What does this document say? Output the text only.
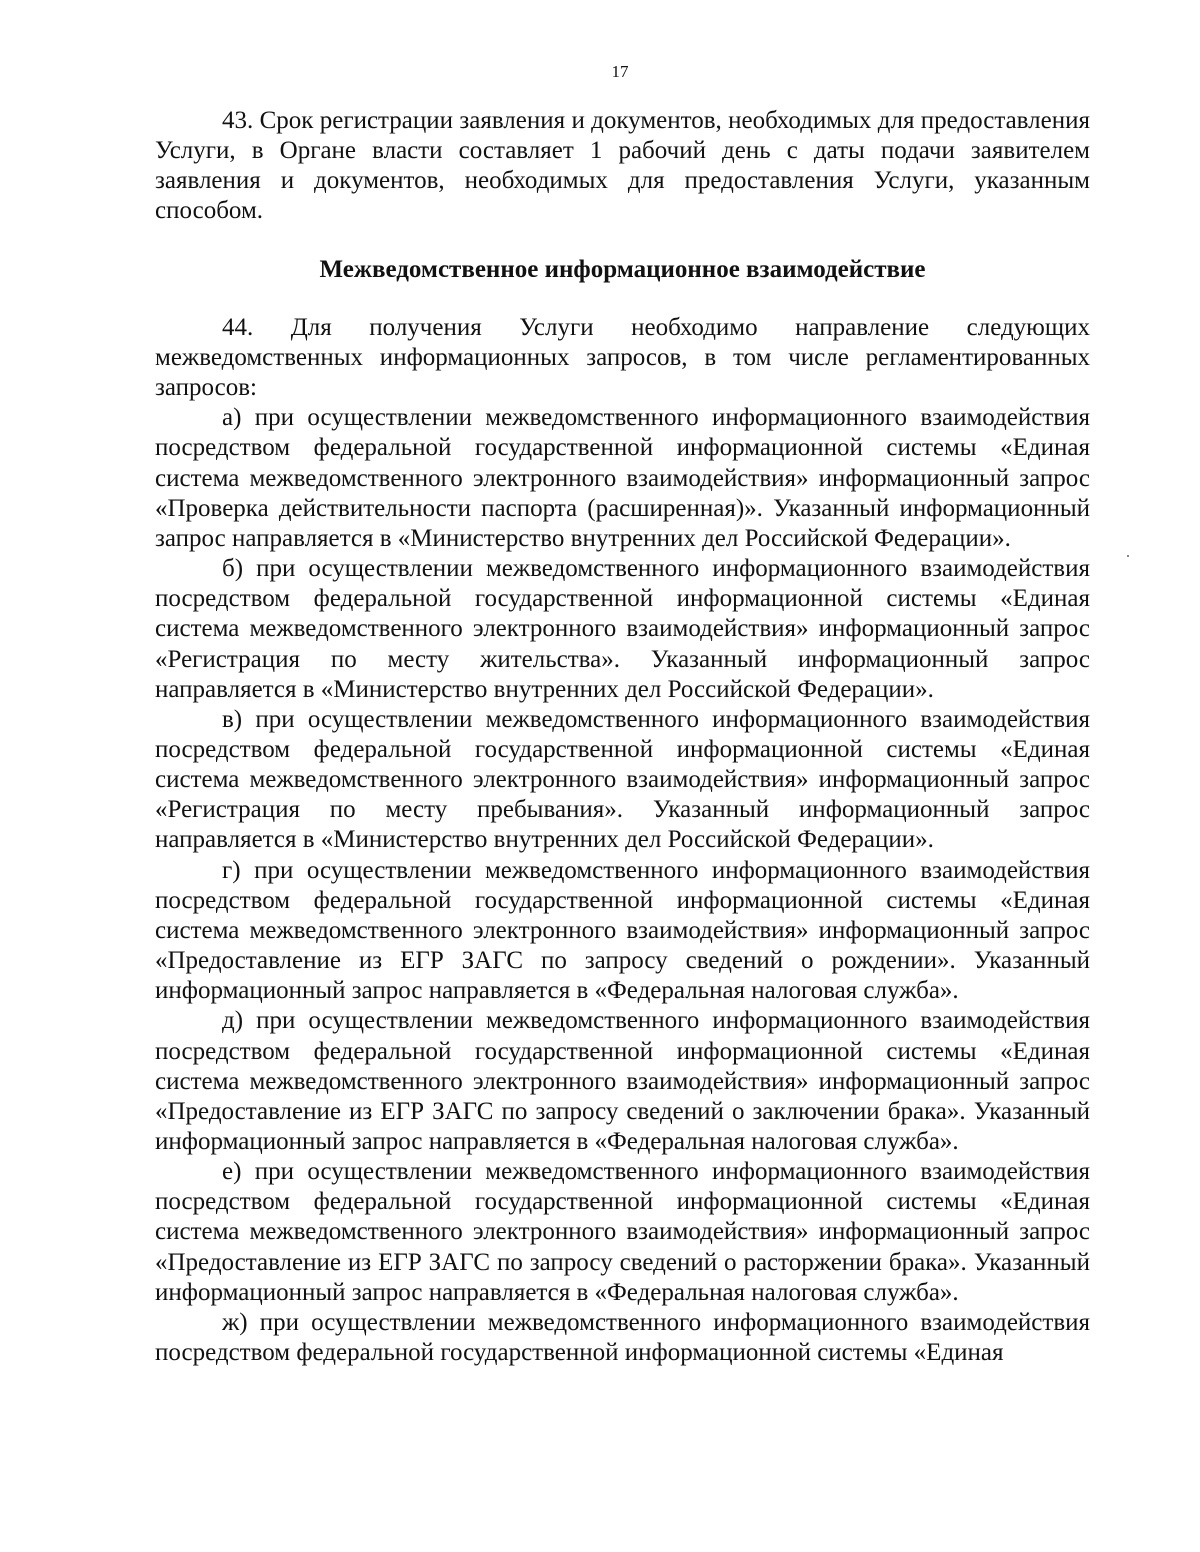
17

43. Срок регистрации заявления и документов, необходимых для предоставления Услуги, в Органе власти составляет 1 рабочий день с даты подачи заявителем заявления и документов, необходимых для предоставления Услуги, указанным способом.

Межведомственное информационное взаимодействие

44. Для получения Услуги необходимо направление следующих межведомственных информационных запросов, в том числе регламентированных запросов:

а) при осуществлении межведомственного информационного взаимодействия посредством федеральной государственной информационной системы «Единая система межведомственного электронного взаимодействия» информационный запрос «Проверка действительности паспорта (расширенная)». Указанный информационный запрос направляется в «Министерство внутренних дел Российской Федерации».

б) при осуществлении межведомственного информационного взаимодействия посредством федеральной государственной информационной системы «Единая система межведомственного электронного взаимодействия» информационный запрос «Регистрация по месту жительства». Указанный информационный запрос направляется в «Министерство внутренних дел Российской Федерации».

в) при осуществлении межведомственного информационного взаимодействия посредством федеральной государственной информационной системы «Единая система межведомственного электронного взаимодействия» информационный запрос «Регистрация по месту пребывания». Указанный информационный запрос направляется в «Министерство внутренних дел Российской Федерации».

г) при осуществлении межведомственного информационного взаимодействия посредством федеральной государственной информационной системы «Единая система межведомственного электронного взаимодействия» информационный запрос «Предоставление из ЕГР ЗАГС по запросу сведений о рождении». Указанный информационный запрос направляется в «Федеральная налоговая служба».

д) при осуществлении межведомственного информационного взаимодействия посредством федеральной государственной информационной системы «Единая система межведомственного электронного взаимодействия» информационный запрос «Предоставление из ЕГР ЗАГС по запросу сведений о заключении брака». Указанный информационный запрос направляется в «Федеральная налоговая служба».

е) при осуществлении межведомственного информационного взаимодействия посредством федеральной государственной информационной системы «Единая система межведомственного электронного взаимодействия» информационный запрос «Предоставление из ЕГР ЗАГС по запросу сведений о расторжении брака». Указанный информационный запрос направляется в «Федеральная налоговая служба».

ж) при осуществлении межведомственного информационного взаимодействия посредством федеральной государственной информационной системы «Единая
